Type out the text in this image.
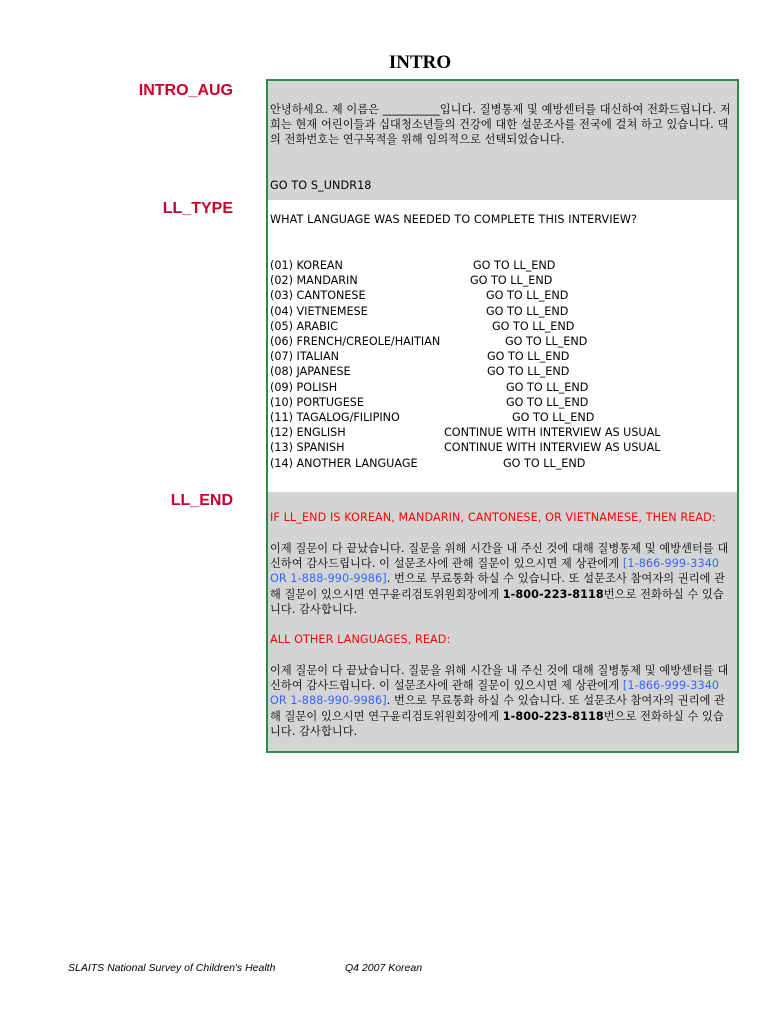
INTRO
INTRO_AUG
LL_TYPE
LL_END

안녕하세요. 제 이름은 __________입니다. 질병통제 및 예방센터를 대신하여 전화드립니다. 저희는 현재 어린이들과 십대청소년들의 건강에 대한 설문조사를 전국에 걸쳐 하고 있습니다. 댁의 전화번호는 연구목적을 위해 임의적으로 선택되었습니다.

GO TO S_UNDR18

WHAT LANGUAGE WAS NEEDED TO COMPLETE THIS INTERVIEW?

(01) KOREAN	GO TO LL_END
(02) MANDARIN	GO TO LL_END
(03) CANTONESE	GO TO LL_END
(04) VIETNEMESE	GO TO LL_END
(05) ARABIC	GO TO LL_END
(06) FRENCH/CREOLE/HAITIAN	GO TO LL_END
(07) ITALIAN	GO TO LL_END
(08) JAPANESE	GO TO LL_END
(09) POLISH	GO TO LL_END
(10) PORTUGESE	GO TO LL_END
(11) TAGALOG/FILIPINO	GO TO LL_END
(12) ENGLISH	CONTINUE WITH INTERVIEW AS USUAL
(13) SPANISH	CONTINUE WITH INTERVIEW AS USUAL
(14) ANOTHER LANGUAGE	GO TO LL_END

IF LL_END IS KOREAN, MANDARIN, CANTONESE, OR VIETNAMESE, THEN READ:

이제 질문이 다 끝났습니다. 질문을 위해 시간을 내 주신 것에 대해 질병통제 및 예방센터를 대신하여 감사드립니다. 이 설문조사에 관해 질문이 있으시면 제 상관에게 [1-866-999-3340 OR 1-888-990-9986]. 번으로 무료통화 하실 수 있습니다. 또 설문조사 참여자의 권리에 관해 질문이 있으시면 연구윤리검토위원회장에게 1-800-223-8118번으로 전화하실 수 있습니다. 감사합니다.

ALL OTHER LANGUAGES, READ:

이제 질문이 다 끝났습니다. 질문을 위해 시간을 내 주신 것에 대해 질병통제 및 예방센터를 대신하여 감사드립니다. 이 설문조사에 관해 질문이 있으시면 제 상관에게 [1-866-999-3340 OR 1-888-990-9986]. 번으로 무료통화 하실 수 있습니다. 또 설문조사 참여자의 권리에 관해 질문이 있으시면 연구윤리검토위원회장에게 1-800-223-8118번으로 전화하실 수 있습니다. 감사합니다.

SLAITS National Survey of Children's Health	Q4 2007 Korean
